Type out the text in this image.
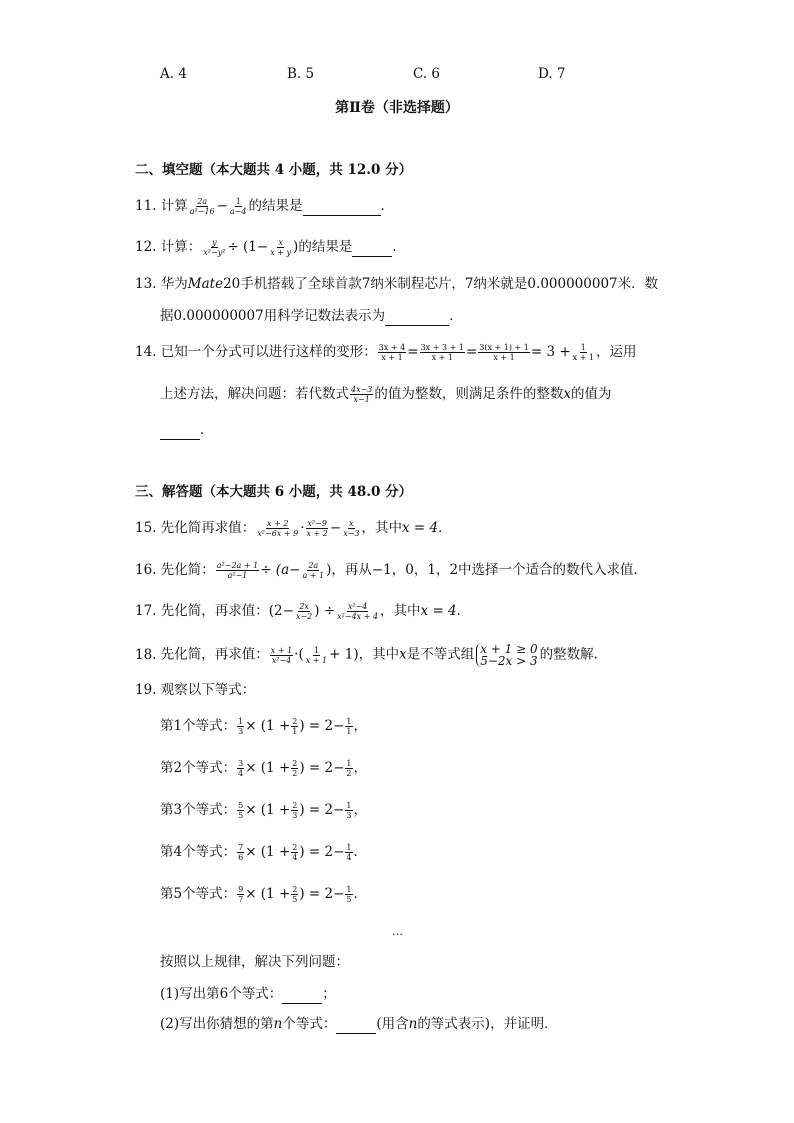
A. 4	B. 5	C. 6	D. 7
第Ⅱ卷（非选择题）
二、填空题（本大题共 4 小题，共 12.0 分）
11. 计算 $\frac{2a}{\text{a²−16}} - \frac{1}{a-4}$ 的结果是	．
12. 计算： $\frac{y}{\text{x²−y²}} \div (1- \frac{x}{x + y}$ )的结果是	．
13. 华为Mate20手机搭载了全球首款7纳米制程芯片，7纳米就是0.000000007米．数
据0.000000007用科学记数法表示为	．
14. 已知一个分式可以进行这样的变形： $\frac{3x + 4}{x + 1} = \frac{3x + 3 + 1}{x + 1} = \frac{3(x + 1) + 1}{x + 1} = 3 + \frac{1}{x + 1}$ ，运用
上述方法，解决问题：若代数式 $\frac{4x-3}{x-1}$ 的值为整数，则满足条件的整数x的值为
．
三、解答题（本大题共 6 小题，共 48.0 分）
15. 先化简再求值： $\frac{x + 2}{\text{x²−6x + 9}} \cdot \frac{\text{x²−9}}{x + 2} - \frac{x}{x-3}$ ，其中x = 4．
16. 先化简： $\frac{\text{a²−2a + 1}}{\text{a²−1}} \div (a- \frac{2a}{a + 1}$ )，再从−1，0，1，2中选择一个适合的数代入求值．
17. 先化简，再求值：($2- \frac{2x}{x-2}$ ) ÷ $\frac{\text{x²−4}}{\text{x²−4x + 4}}$ ，其中x = 4．
18. 先化简，再求值： $\frac{x + 1}{\text{x²−4}}$ ·( $\frac{1}{x + 1} + 1$)，其中x是不等式组 x + 1 ≥ 0
5−2x > 3 的整数解．
19. 观察以下等式：
第1个等式： $\frac{1}{3} \times (1 + \frac{2}{1}$ ) = $2- \frac{1}{1}$ ，
第2个等式： $\frac{3}{4} \times (1 + \frac{2}{2}$ ) = $2- \frac{1}{2}$ ，
第3个等式： $\frac{5}{5} \times (1 + \frac{2}{3}$ ) = $2- \frac{1}{3}$ ，
第4个等式： $\frac{7}{6} \times (1 + \frac{2}{4}$ ) = $2- \frac{1}{4}$ ．
第5个等式： $\frac{9}{7} \times (1 + \frac{2}{5}$ ) = $2- \frac{1}{5}$ ．
…
按照以上规律，解决下列问题：
(1)写出第6个等式：	；
(2)写出你猜想的第n个等式：	(用含n的等式表示)，并证明．
